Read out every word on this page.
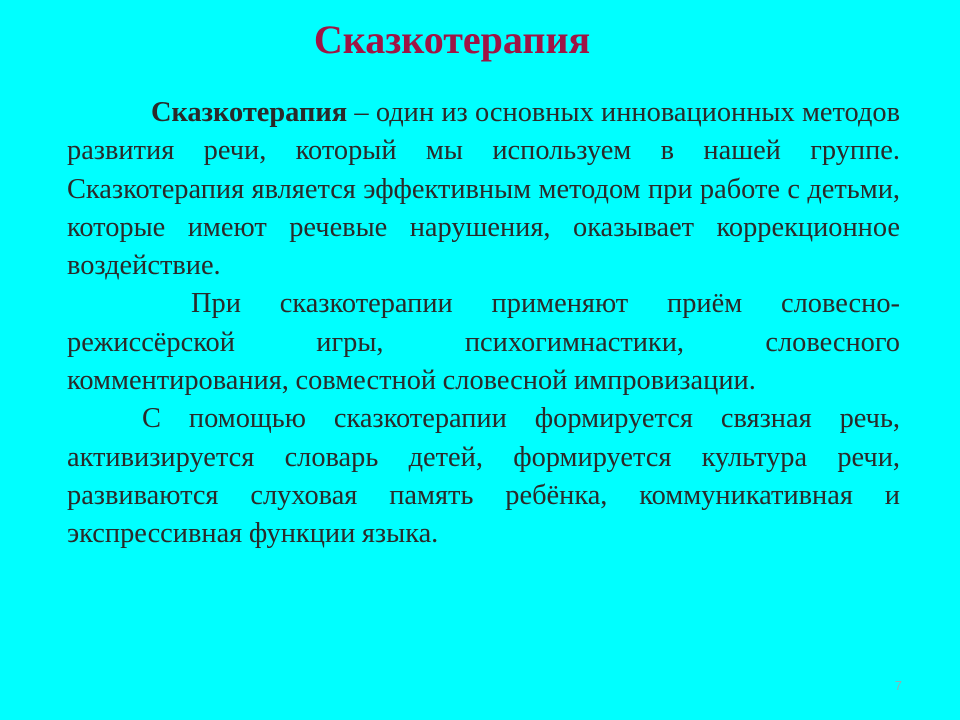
Сказкотерапия

Сказкотерапия – один из основных инновационных методов развития речи, который мы используем в нашей группе. Сказкотерапия является эффективным методом при работе с детьми, которые имеют речевые нарушения, оказывает коррекционное воздействие.

При сказкотерапии применяют приём словесно-режиссёрской игры, психогимнастики, словесного комментирования, совместной словесной импровизации.

С помощью сказкотерапии формируется связная речь, активизируется словарь детей, формируется культура речи, развиваются слуховая память ребёнка, коммуникативная и экспрессивная функции языка.

7
